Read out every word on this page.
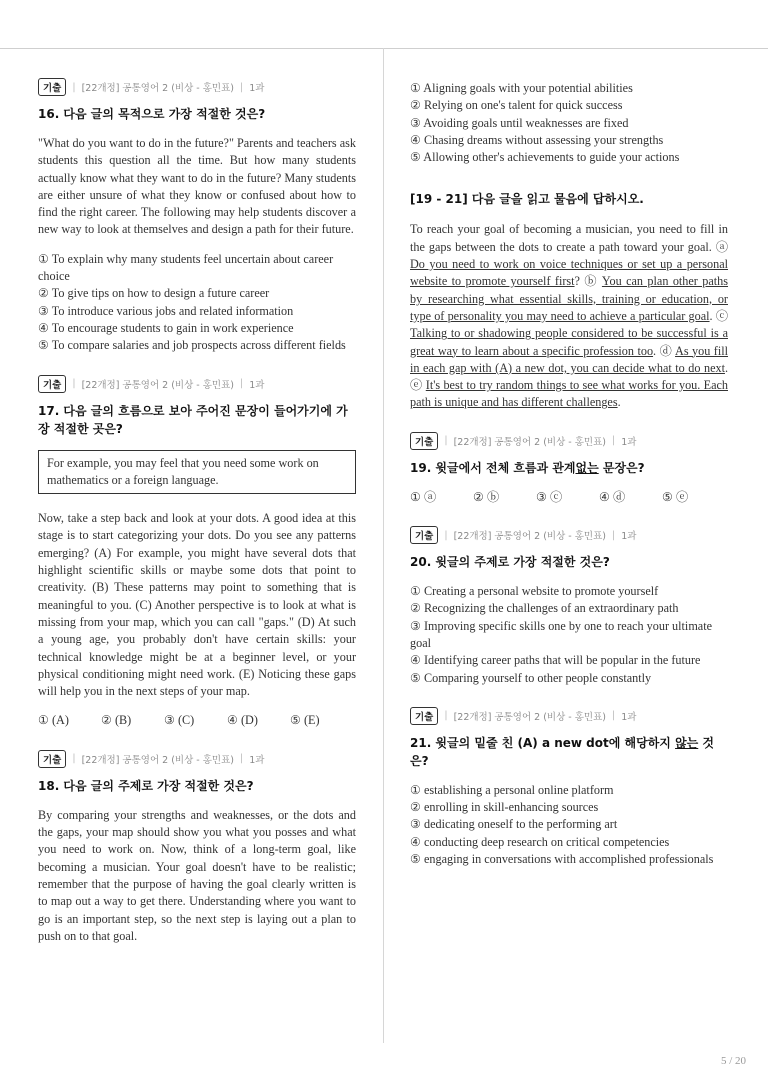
기출	| [22개정] 공통영어 2 (비상 - 홍민표) | 1과
16. 다음 글의 목적으로 가장 적절한 것은?
"What do you want to do in the future?" Parents and teachers ask students this question all the time. But how many students actually know what they want to do in the future? Many students are either unsure of what they know or confused about how to find the right career. The following may help students discover a new way to look at themselves and design a path for their future.
① To explain why many students feel uncertain about career choice
② To give tips on how to design a future career
③ To introduce various jobs and related information
④ To encourage students to gain in work experience
⑤ To compare salaries and job prospects across different fields
기출	| [22개정] 공통영어 2 (비상 - 홍민표) | 1과
17. 다음 글의 흐름으로 보아 주어진 문장이 들어가기에 가장 적절한 곳은?
For example, you may feel that you need some work on mathematics or a foreign language.
Now, take a step back and look at your dots. A good idea at this stage is to start categorizing your dots. Do you see any patterns emerging? (A) For example, you might have several dots that highlight scientific skills or maybe some dots that point to creativity. (B) These patterns may point to something that is meaningful to you. (C) Another perspective is to look at what is missing from your map, which you can call "gaps." (D) At such a young age, you probably don't have certain skills: your technical knowledge might be at a beginner level, or your physical conditioning might need work. (E) Noticing these gaps will help you in the next steps of your map.
① (A)	② (B)	③ (C)	④ (D)	⑤ (E)
기출	| [22개정] 공통영어 2 (비상 - 홍민표) | 1과
18. 다음 글의 주제로 가장 적절한 것은?
By comparing your strengths and weaknesses, or the dots and the gaps, your map should show you what you posses and what you need to work on. Now, think of a long-term goal, like becoming a musician. Your goal doesn't have to be realistic; remember that the purpose of having the goal clearly written is to map out a way to get there. Understanding where you want to go is an important step, so the next step is laying out a plan to push on to that goal.
① Aligning goals with your potential abilities
② Relying on one's talent for quick success
③ Avoiding goals until weaknesses are fixed
④ Chasing dreams without assessing your strengths
⑤ Allowing other's achievements to guide your actions
[19 - 21] 다음 글을 읽고 물음에 답하시오.
To reach your goal of becoming a musician, you need to fill in the gaps between the dots to create a path toward your goal. ⓐ Do you need to work on voice techniques or set up a personal website to promote yourself first? ⓑ You can plan other paths by researching what essential skills, training or education, or type of personality you may need to achieve a particular goal. ⓒ Talking to or shadowing people considered to be successful is a great way to learn about a specific profession too. ⓓ As you fill in each gap with (A) a new dot, you can decide what to do next. ⓔ It's best to try random things to see what works for you. Each path is unique and has different challenges.
기출	| [22개정] 공통영어 2 (비상 - 홍민표) | 1과
19. 윗글에서 전체 흐름과 관계없는 문장은?
① ⓐ	② ⓑ	③ ⓒ	④ ⓓ	⑤ ⓔ
기출	| [22개정] 공통영어 2 (비상 - 홍민표) | 1과
20. 윗글의 주제로 가장 적절한 것은?
① Creating a personal website to promote yourself
② Recognizing the challenges of an extraordinary path
③ Improving specific skills one by one to reach your ultimate goal
④ Identifying career paths that will be popular in the future
⑤ Comparing yourself to other people constantly
기출	| [22개정] 공통영어 2 (비상 - 홍민표) | 1과
21. 윗글의 밑줄 친 (A) a new dot에 해당하지 않는 것은?
① establishing a personal online platform
② enrolling in skill-enhancing sources
③ dedicating oneself to the performing art
④ conducting deep research on critical competencies
⑤ engaging in conversations with accomplished professionals
5 / 20
